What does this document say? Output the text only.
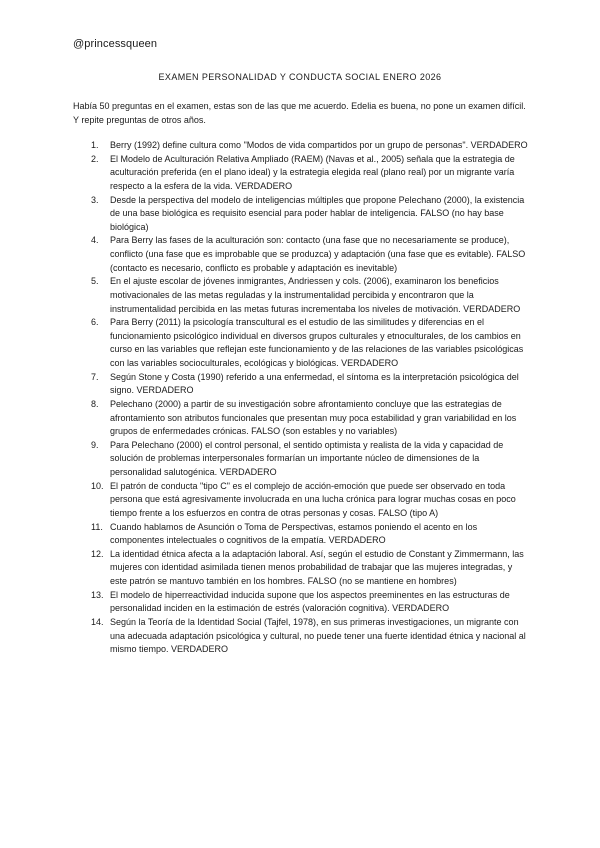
@princessqueen

EXAMEN PERSONALIDAD Y CONDUCTA SOCIAL ENERO 2026

Había 50 preguntas en el examen, estas son de las que me acuerdo. Edelia es buena, no pone un examen difícil. Y repite preguntas de otros años.

1. Berry (1992) define cultura como "Modos de vida compartidos por un grupo de personas". VERDADERO
2. El Modelo de Aculturación Relativa Ampliado (RAEM) (Navas et al., 2005) señala que la estrategia de aculturación preferida (en el plano ideal) y la estrategia elegida real (plano real) por un migrante varía respecto a la esfera de la vida. VERDADERO
3. Desde la perspectiva del modelo de inteligencias múltiples que propone Pelechano (2000), la existencia de una base biológica es requisito esencial para poder hablar de inteligencia. FALSO (no hay base biológica)
4. Para Berry las fases de la aculturación son: contacto (una fase que no necesariamente se produce), conflicto (una fase que es improbable que se produzca) y adaptación (una fase que es evitable). FALSO (contacto es necesario, conflicto es probable y adaptación es inevitable)
5. En el ajuste escolar de jóvenes inmigrantes, Andriessen y cols. (2006), examinaron los beneficios motivacionales de las metas reguladas y la instrumentalidad percibida y encontraron que la instrumentalidad percibida en las metas futuras incrementaba los niveles de motivación. VERDADERO
6. Para Berry (2011) la psicología transcultural es el estudio de las similitudes y diferencias en el funcionamiento psicológico individual en diversos grupos culturales y etnoculturales, de los cambios en curso en las variables que reflejan este funcionamiento y de las relaciones de las variables psicológicas con las variables socioculturales, ecológicas y biológicas. VERDADERO
7. Según Stone y Costa (1990) referido a una enfermedad, el síntoma es la interpretación psicológica del signo. VERDADERO
8. Pelechano (2000) a partir de su investigación sobre afrontamiento concluye que las estrategias de afrontamiento son atributos funcionales que presentan muy poca estabilidad y gran variabilidad en los grupos de enfermedades crónicas. FALSO (son estables y no variables)
9. Para Pelechano (2000) el control personal, el sentido optimista y realista de la vida y capacidad de solución de problemas interpersonales formarían un importante núcleo de dimensiones de la personalidad salutogénica. VERDADERO
10. El patrón de conducta "tipo C" es el complejo de acción-emoción que puede ser observado en toda persona que está agresivamente involucrada en una lucha crónica para lograr muchas cosas en poco tiempo frente a los esfuerzos en contra de otras personas y cosas. FALSO (tipo A)
11. Cuando hablamos de Asunción o Toma de Perspectivas, estamos poniendo el acento en los componentes intelectuales o cognitivos de la empatía. VERDADERO
12. La identidad étnica afecta a la adaptación laboral. Así, según el estudio de Constant y Zimmermann, las mujeres con identidad asimilada tienen menos probabilidad de trabajar que las mujeres integradas, y este patrón se mantuvo también en los hombres. FALSO (no se mantiene en hombres)
13. El modelo de hiperreactividad inducida supone que los aspectos preeminentes en las estructuras de personalidad inciden en la estimación de estrés (valoración cognitiva). VERDADERO
14. Según la Teoría de la Identidad Social (Tajfel, 1978), en sus primeras investigaciones, un migrante con una adecuada adaptación psicológica y cultural, no puede tener una fuerte identidad étnica y nacional al mismo tiempo. VERDADERO
